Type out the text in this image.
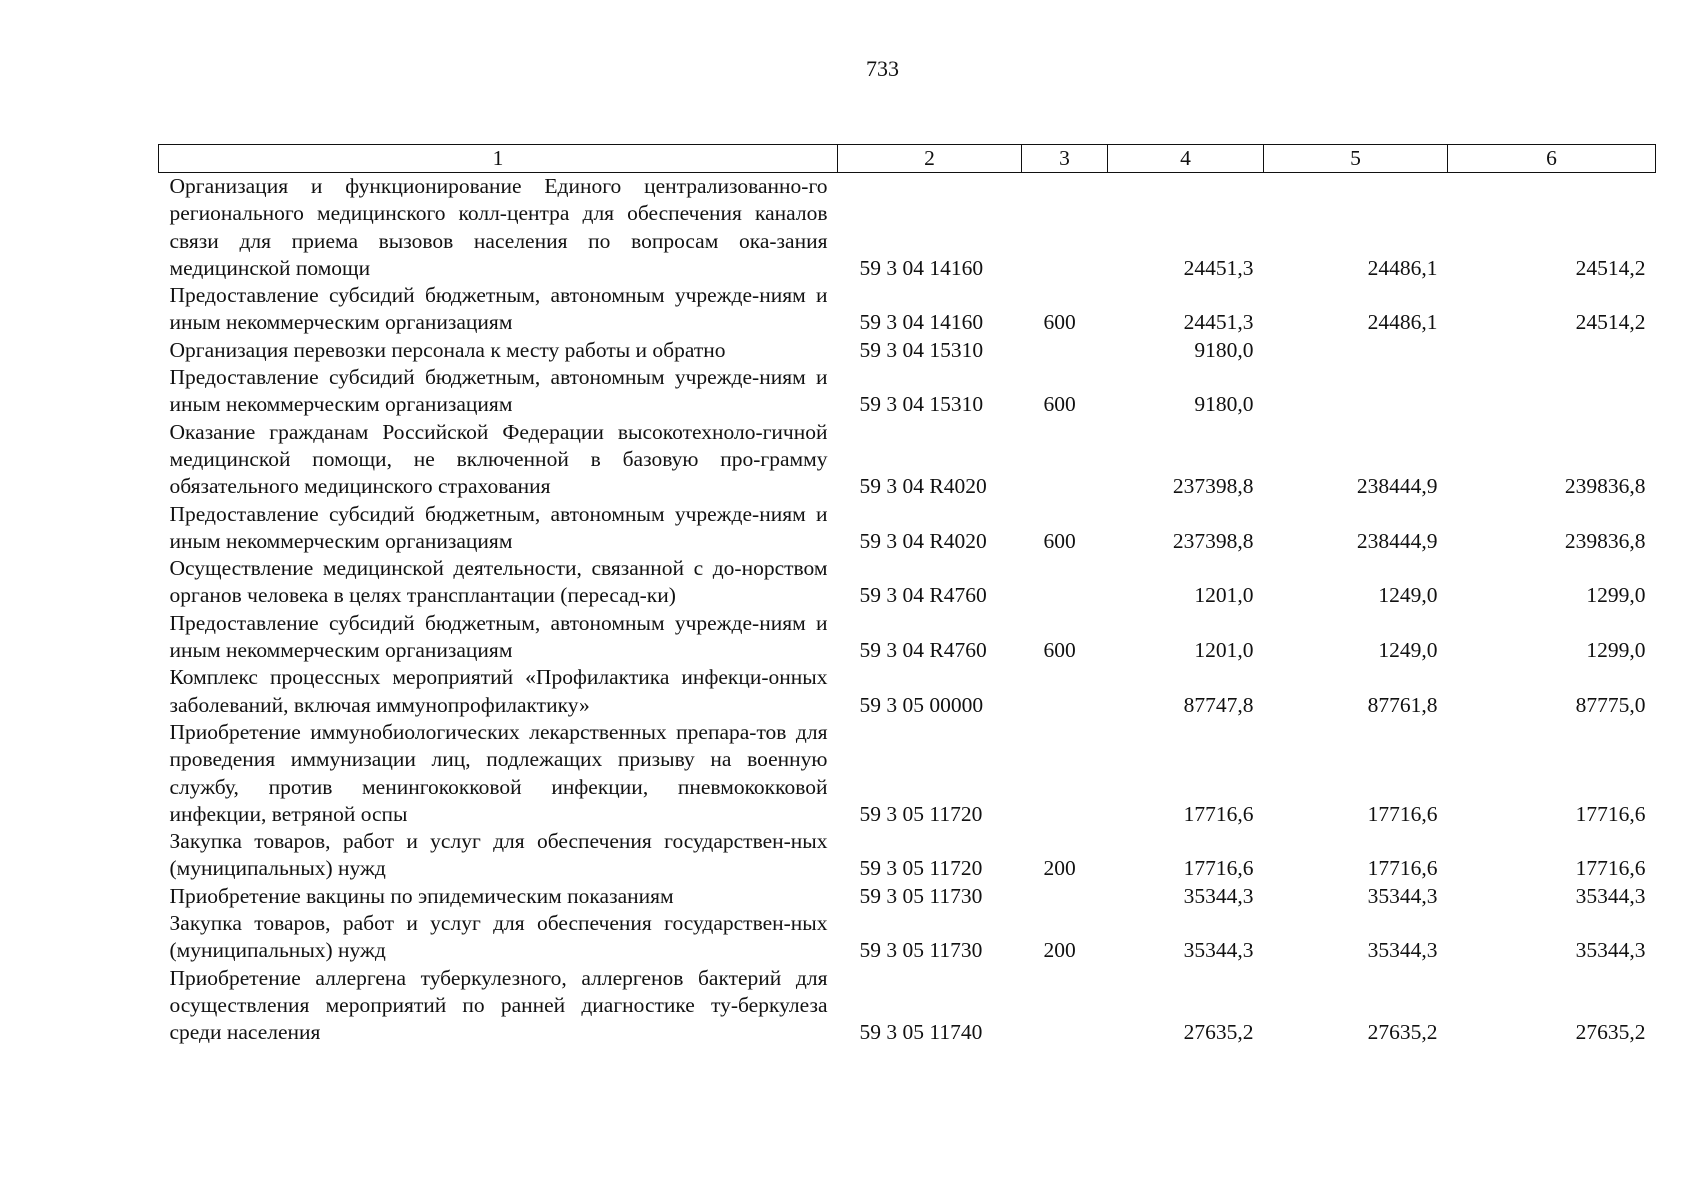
733
1	2	3	4	5	6
Организация и функционирование Единого централизованно-го регионального медицинского колл-центра для обеспечения каналов связи для приема вызовов населения по вопросам ока-зания медицинской помощи	59 3 04 14160		24451,3	24486,1	24514,2
Предоставление субсидий бюджетным, автономным учрежде-ниям и иным некоммерческим организациям	59 3 04 14160	600	24451,3	24486,1	24514,2
Организация перевозки персонала к месту работы и обратно	59 3 04 15310		9180,0		
Предоставление субсидий бюджетным, автономным учрежде-ниям и иным некоммерческим организациям	59 3 04 15310	600	9180,0		
Оказание гражданам Российской Федерации высокотехноло-гичной медицинской помощи, не включенной в базовую про-грамму обязательного медицинского страхования	59 3 04 R4020		237398,8	238444,9	239836,8
Предоставление субсидий бюджетным, автономным учрежде-ниям и иным некоммерческим организациям	59 3 04 R4020	600	237398,8	238444,9	239836,8
Осуществление медицинской деятельности, связанной с до-норством органов человека в целях трансплантации (пересад-ки)	59 3 04 R4760		1201,0	1249,0	1299,0
Предоставление субсидий бюджетным, автономным учрежде-ниям и иным некоммерческим организациям	59 3 04 R4760	600	1201,0	1249,0	1299,0
Комплекс процессных мероприятий «Профилактика инфекци-онных заболеваний, включая иммунопрофилактику»	59 3 05 00000		87747,8	87761,8	87775,0
Приобретение иммунобиологических лекарственных препара-тов для проведения иммунизации лиц, подлежащих призыву на военную службу, против менингококковой инфекции, пневмококковой инфекции, ветряной оспы	59 3 05 11720		17716,6	17716,6	17716,6
Закупка товаров, работ и услуг для обеспечения государствен-ных (муниципальных) нужд	59 3 05 11720	200	17716,6	17716,6	17716,6
Приобретение вакцины по эпидемическим показаниям	59 3 05 11730		35344,3	35344,3	35344,3
Закупка товаров, работ и услуг для обеспечения государствен-ных (муниципальных) нужд	59 3 05 11730	200	35344,3	35344,3	35344,3
Приобретение аллергена туберкулезного, аллергенов бактерий для осуществления мероприятий по ранней диагностике ту-беркулеза среди населения	59 3 05 11740		27635,2	27635,2	27635,2
